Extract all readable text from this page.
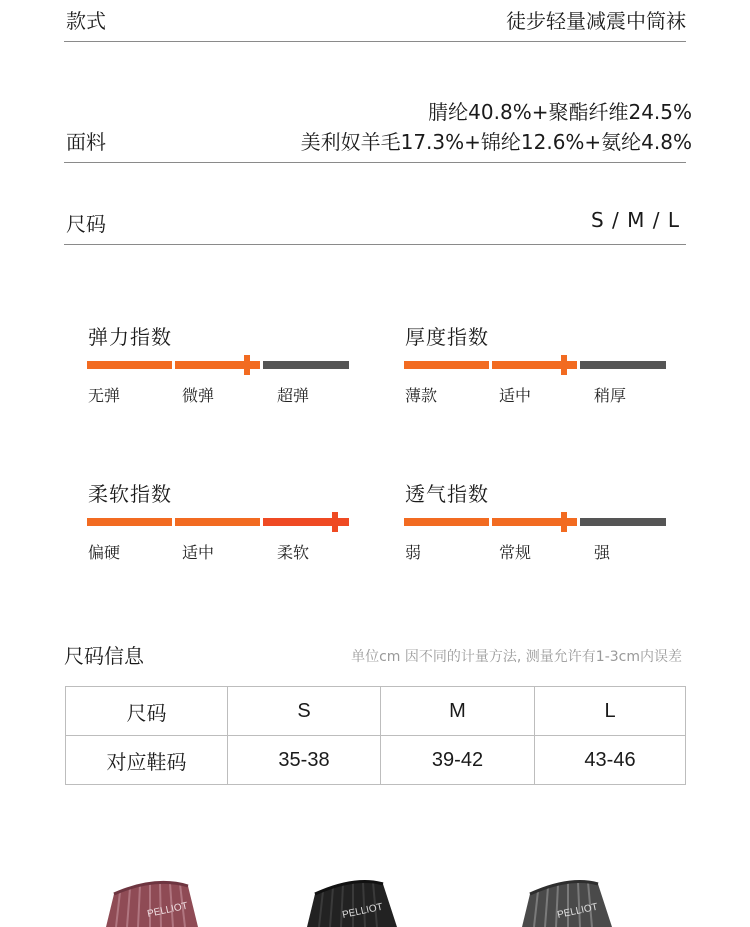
款式	徒步轻量减震中筒袜
腈纶40.8%+聚酯纤维24.5%
面料	美利奴羊毛17.3%+锦纶12.6%+氨纶4.8%
尺码	S / M / L
弹力指数
无弹	微弹	超弹
厚度指数
薄款	适中	稍厚
柔软指数
偏硬	适中	柔软
透气指数
弱	常规	强
尺码信息	单位cm 因不同的计量方法, 测量允许有1-3cm内误差
尺码	S	M	L
对应鞋码	35-38	39-42	43-46
PELLIOT	PELLIOT	PELLIOT
